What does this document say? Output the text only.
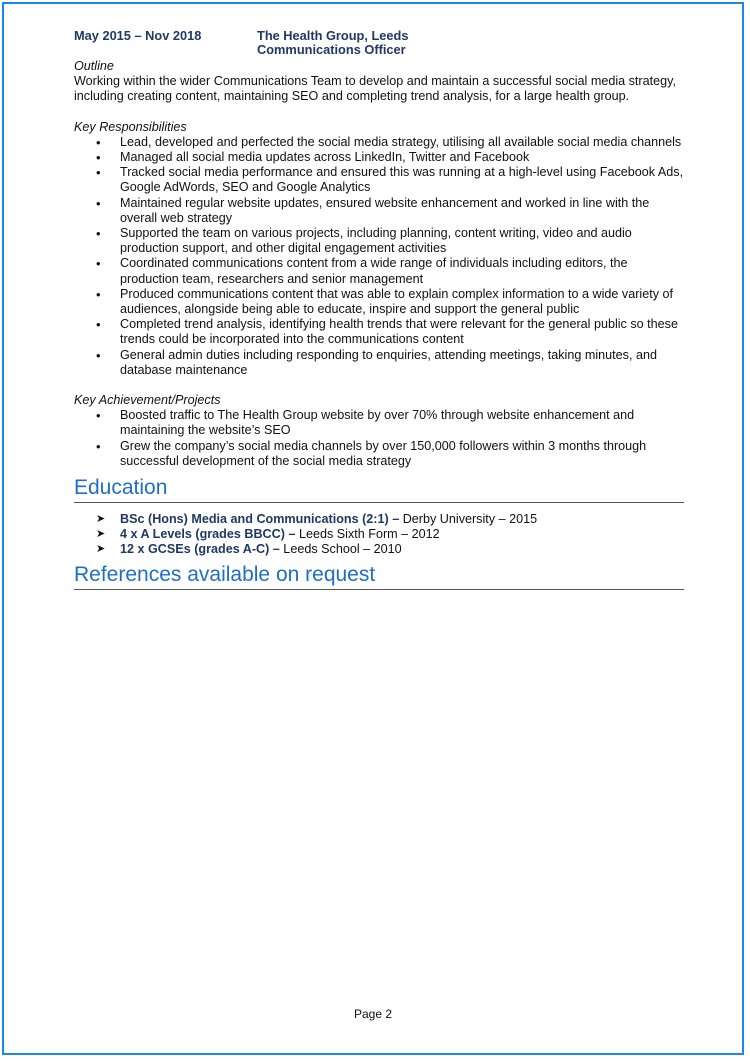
May 2015 – Nov 2018	The Health Group, Leeds
Communications Officer
Outline

Working within the wider Communications Team to develop and maintain a successful social media strategy, including creating content, maintaining SEO and completing trend analysis, for a large health group.

Key Responsibilities
• Lead, developed and perfected the social media strategy, utilising all available social media channels
• Managed all social media updates across LinkedIn, Twitter and Facebook
• Tracked social media performance and ensured this was running at a high-level using Facebook Ads, Google AdWords, SEO and Google Analytics
• Maintained regular website updates, ensured website enhancement and worked in line with the overall web strategy
• Supported the team on various projects, including planning, content writing, video and audio production support, and other digital engagement activities
• Coordinated communications content from a wide range of individuals including editors, the production team, researchers and senior management
• Produced communications content that was able to explain complex information to a wide variety of audiences, alongside being able to educate, inspire and support the general public
• Completed trend analysis, identifying health trends that were relevant for the general public so these trends could be incorporated into the communications content
• General admin duties including responding to enquiries, attending meetings, taking minutes, and database maintenance
Key Achievement/Projects
• Boosted traffic to The Health Group website by over 70% through website enhancement and maintaining the website’s SEO
• Grew the company’s social media channels by over 150,000 followers within 3 months through successful development of the social media strategy
Education
➤ BSc (Hons) Media and Communications (2:1) – Derby University – 2015
➤ 4 x A Levels (grades BBCC) – Leeds Sixth Form – 2012
➤ 12 x GCSEs (grades A-C) – Leeds School – 2010
References available on request
Page 2
